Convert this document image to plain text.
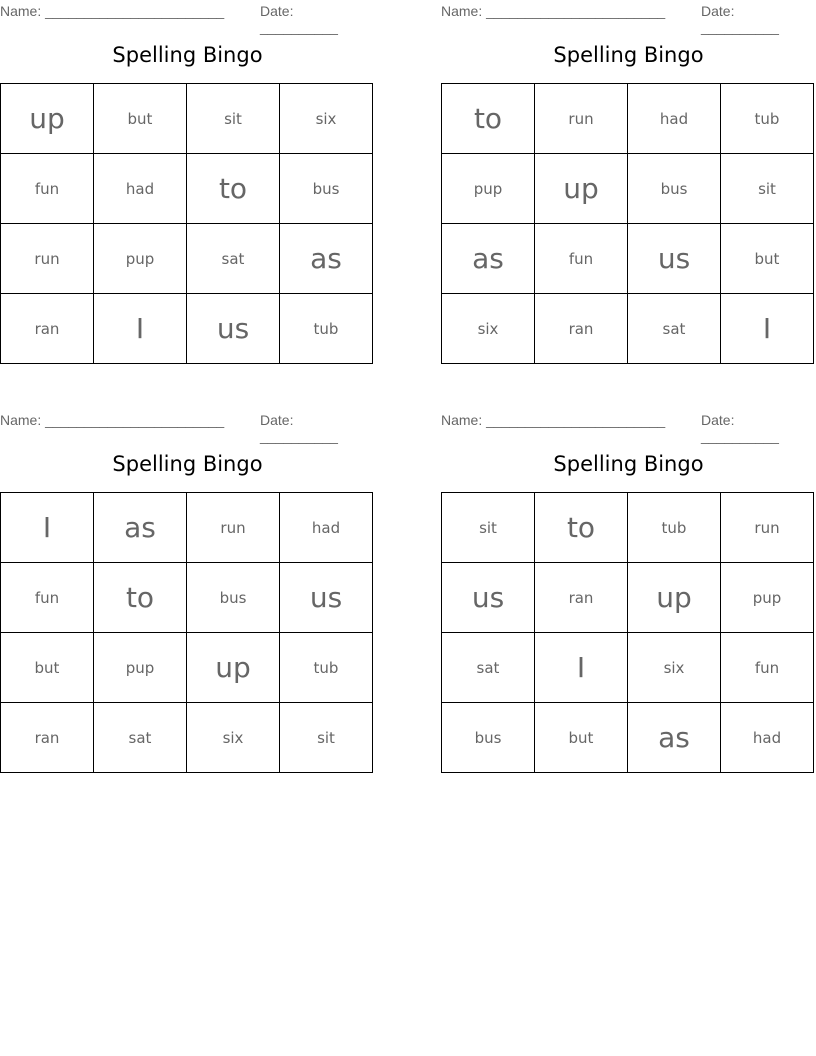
Name: _______________________	Date: __________
Spelling Bingo
up	but	sit	six
fun	had	to	bus
run	pup	sat	as
ran	I	us	tub
Name: _______________________	Date: __________
Spelling Bingo
to	run	had	tub
pup	up	bus	sit
as	fun	us	but
six	ran	sat	I
Name: _______________________	Date: __________
Spelling Bingo
I	as	run	had
fun	to	bus	us
but	pup	up	tub
ran	sat	six	sit
Name: _______________________	Date: __________
Spelling Bingo
sit	to	tub	run
us	ran	up	pup
sat	I	six	fun
bus	but	as	had
